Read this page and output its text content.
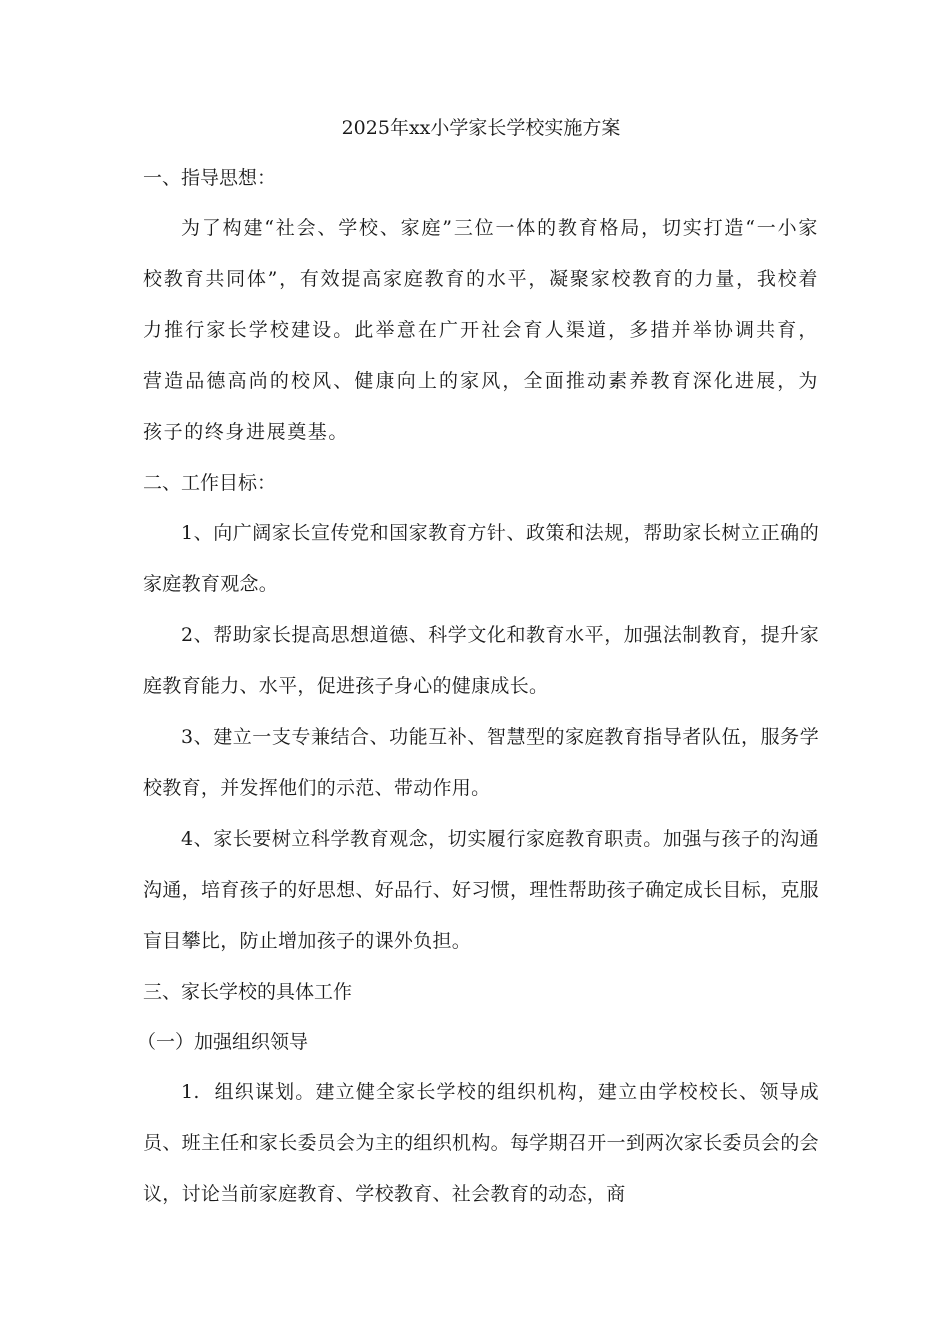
2025年xx小学家长学校实施方案

一、指导思想：

为了构建“社会、学校、家庭”三位一体的教育格局，切实打造“一小家校教育共同体”，有效提高家庭教育的水平，凝聚家校教育的力量，我校着力推行家长学校建设。此举意在广开社会育人渠道，多措并举协调共育，营造品德高尚的校风、健康向上的家风，全面推动素养教育深化进展，为孩子的终身进展奠基。

二、工作目标：

1、向广阔家长宣传党和国家教育方针、政策和法规，帮助家长树立正确的家庭教育观念。

2、帮助家长提高思想道德、科学文化和教育水平，加强法制教育，提升家庭教育能力、水平，促进孩子身心的健康成长。

3、建立一支专兼结合、功能互补、智慧型的家庭教育指导者队伍，服务学校教育，并发挥他们的示范、带动作用。

4、家长要树立科学教育观念，切实履行家庭教育职责。加强与孩子的沟通沟通，培育孩子的好思想、好品行、好习惯，理性帮助孩子确定成长目标，克服盲目攀比，防止增加孩子的课外负担。

三、家长学校的具体工作

（一）加强组织领导

1. 组织谋划。建立健全家长学校的组织机构，建立由学校校长、领导成员、班主任和家长委员会为主的组织机构。每学期召开一到两次家长委员会的会议，讨论当前家庭教育、学校教育、社会教育的动态，商
